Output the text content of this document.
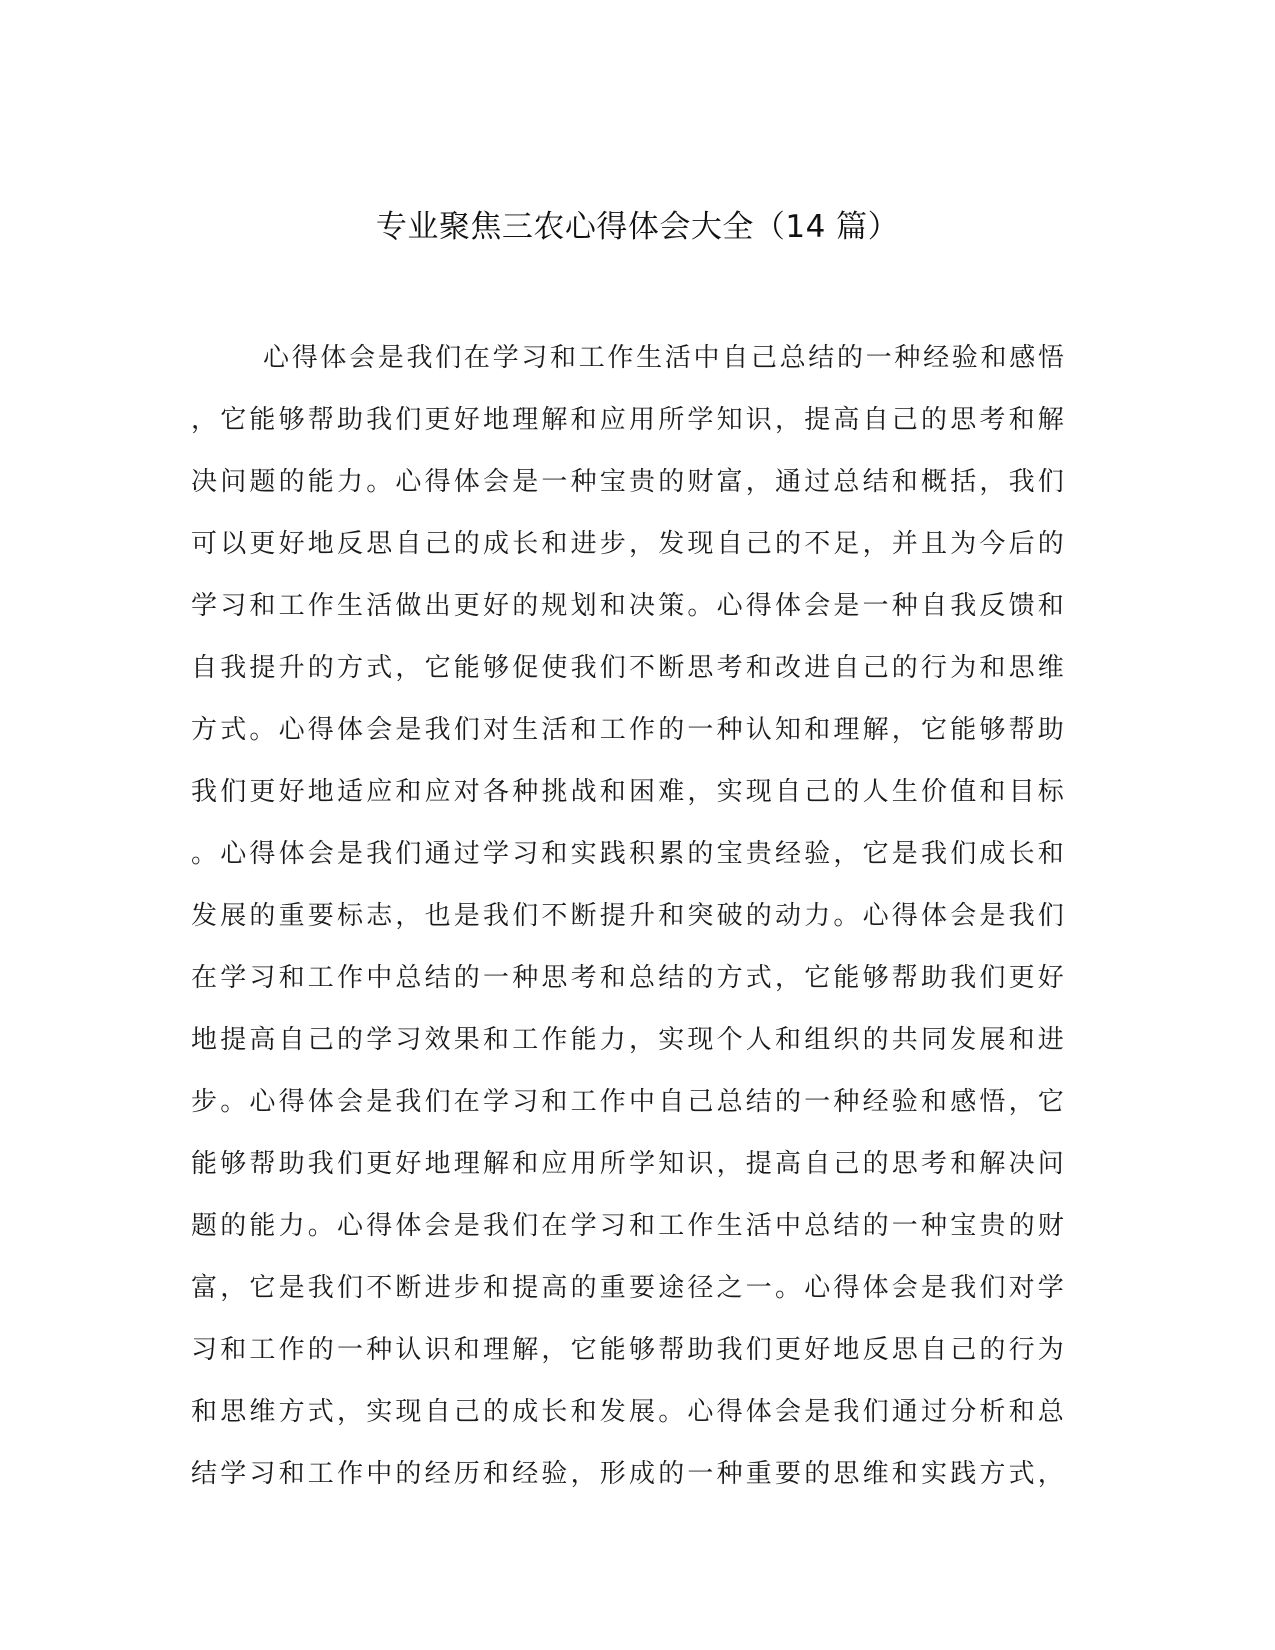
专业聚焦三农心得体会大全（14 篇）
心得体会是我们在学习和工作生活中自己总结的一种经验和感悟
，它能够帮助我们更好地理解和应用所学知识，提高自己的思考和解
决问题的能力。心得体会是一种宝贵的财富，通过总结和概括，我们
可以更好地反思自己的成长和进步，发现自己的不足，并且为今后的
学习和工作生活做出更好的规划和决策。心得体会是一种自我反馈和
自我提升的方式，它能够促使我们不断思考和改进自己的行为和思维
方式。心得体会是我们对生活和工作的一种认知和理解，它能够帮助
我们更好地适应和应对各种挑战和困难，实现自己的人生价值和目标
。心得体会是我们通过学习和实践积累的宝贵经验，它是我们成长和
发展的重要标志，也是我们不断提升和突破的动力。心得体会是我们
在学习和工作中总结的一种思考和总结的方式，它能够帮助我们更好
地提高自己的学习效果和工作能力，实现个人和组织的共同发展和进
步。心得体会是我们在学习和工作中自己总结的一种经验和感悟，它
能够帮助我们更好地理解和应用所学知识，提高自己的思考和解决问
题的能力。心得体会是我们在学习和工作生活中总结的一种宝贵的财
富，它是我们不断进步和提高的重要途径之一。心得体会是我们对学
习和工作的一种认识和理解，它能够帮助我们更好地反思自己的行为
和思维方式，实现自己的成长和发展。心得体会是我们通过分析和总
结学习和工作中的经历和经验，形成的一种重要的思维和实践方式，
